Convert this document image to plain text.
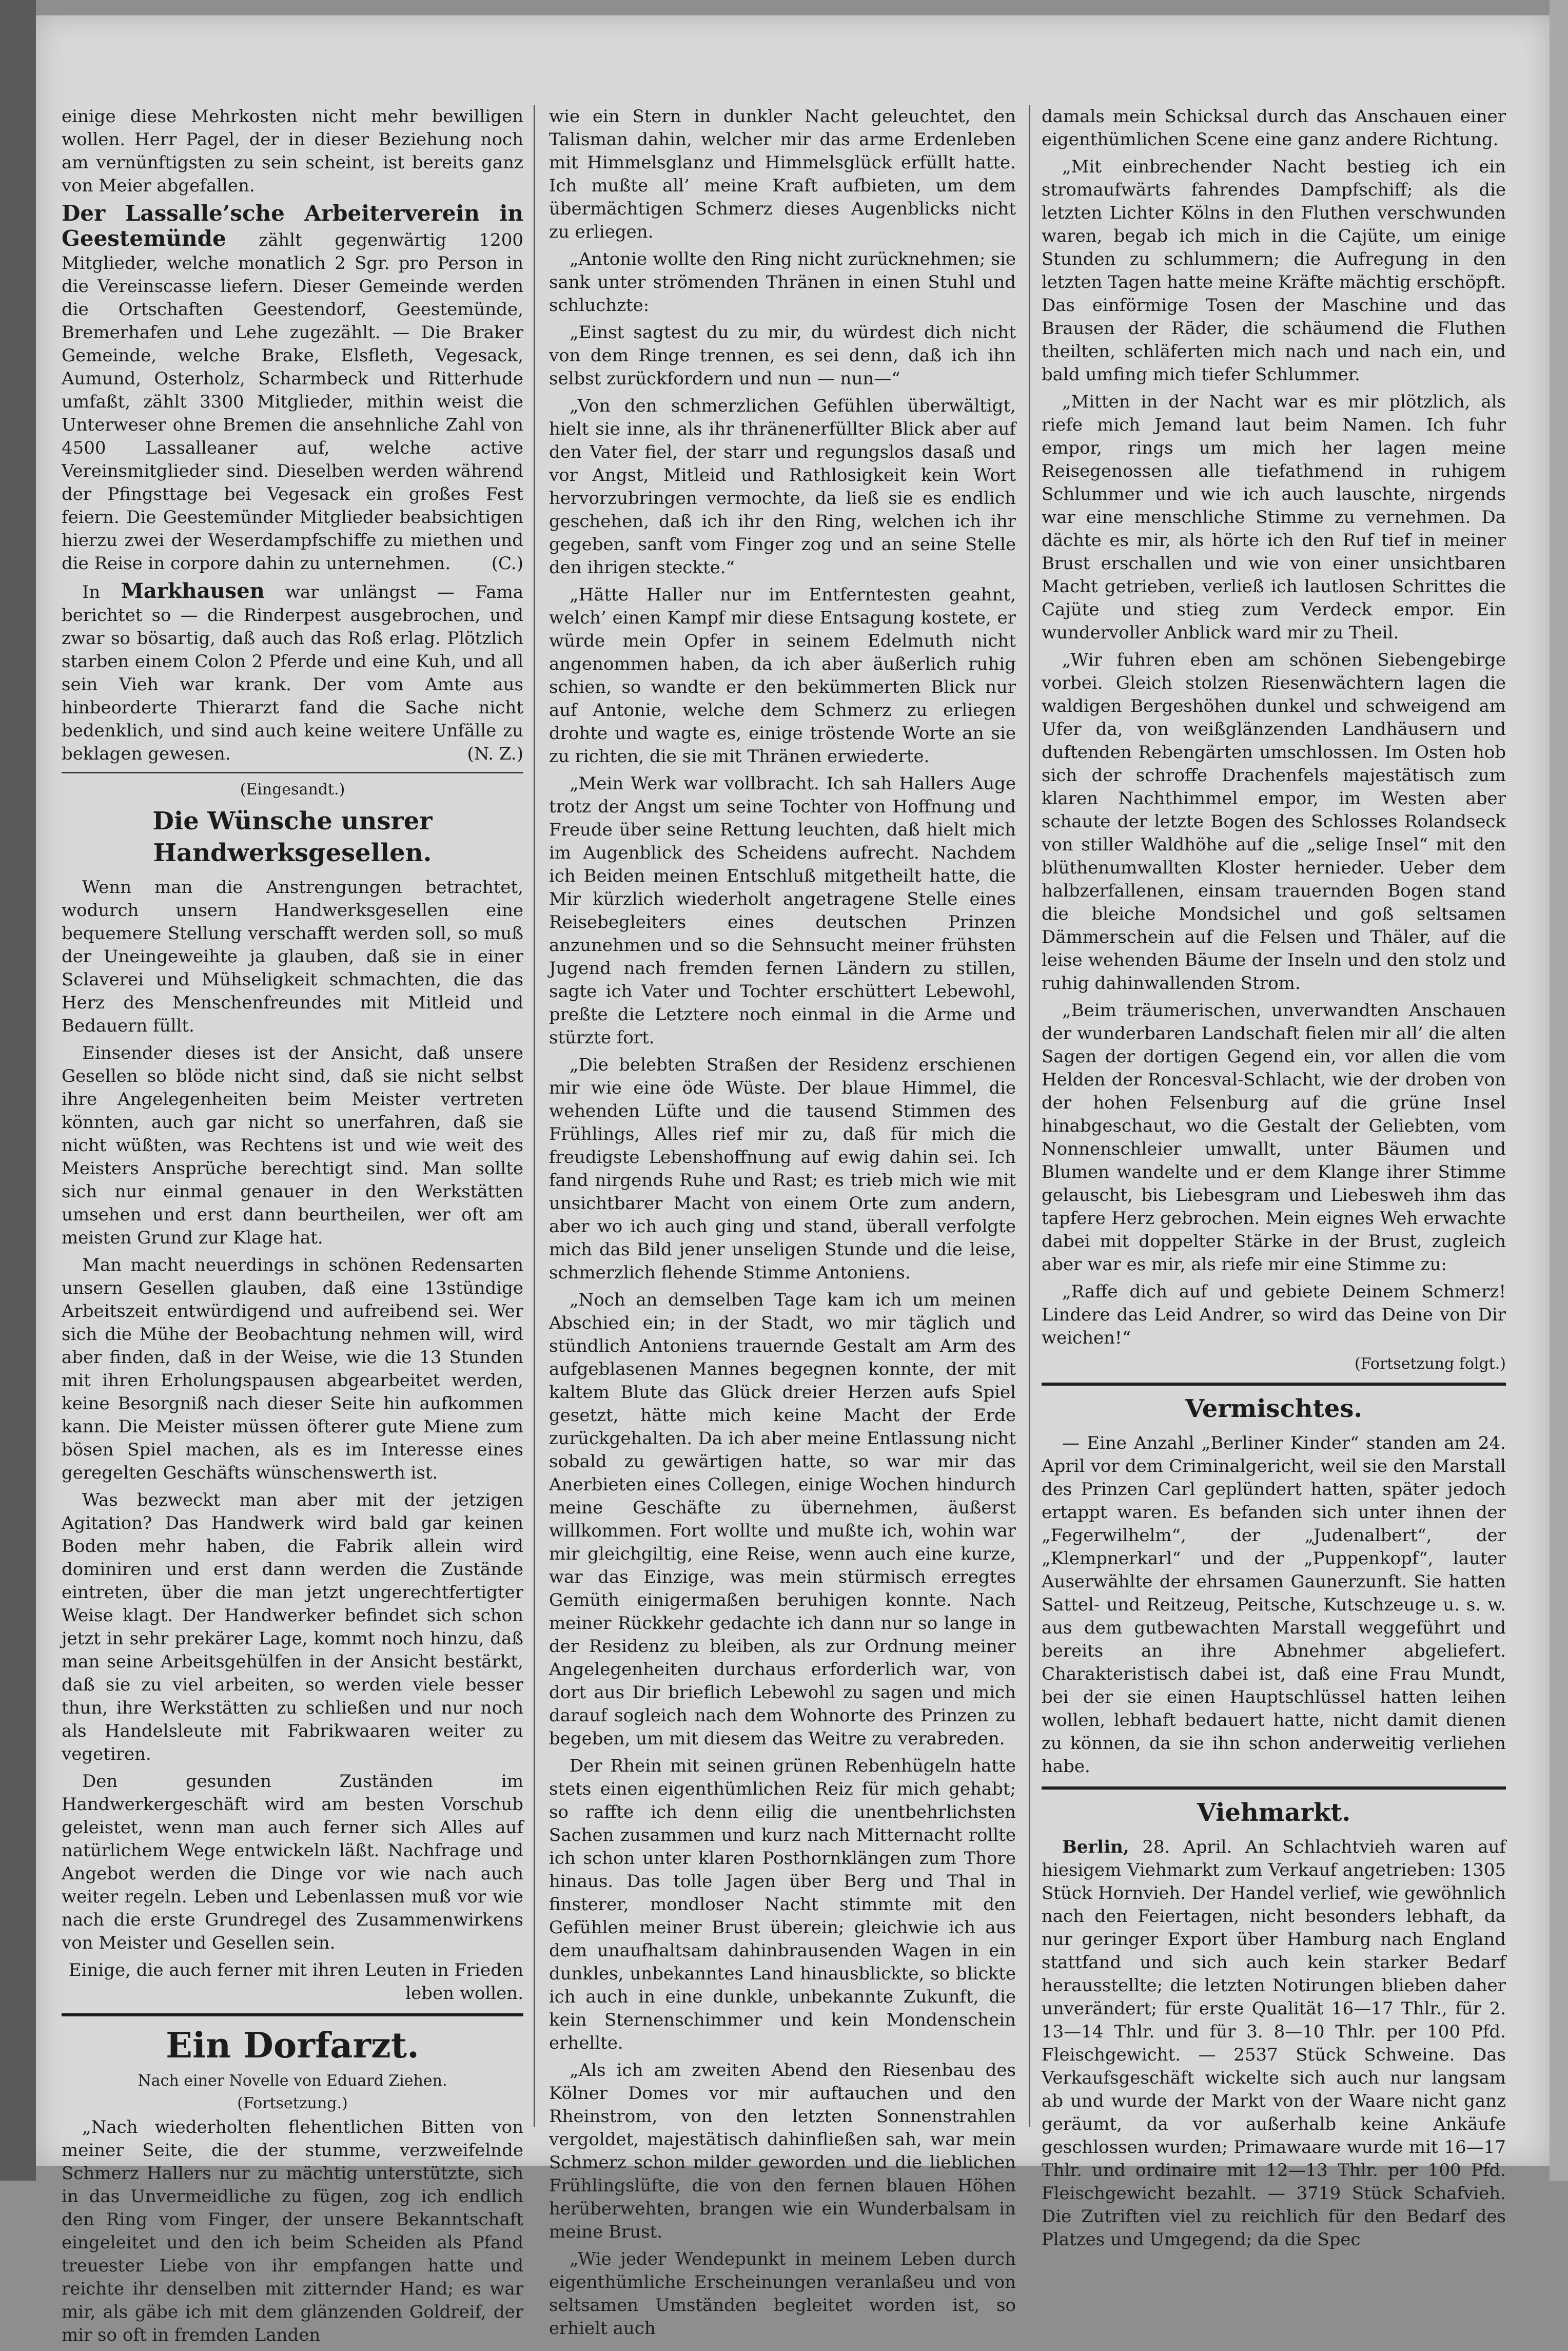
einige diese Mehrkosten nicht mehr bewilligen wollen. Herr Pagel, der in dieser Beziehung noch am vernünftigsten zu sein scheint, ist bereits ganz von Meier abgefallen.

Der Lassalle’sche Arbeiterverein in Geestemünde zählt gegenwärtig 1200 Mitglieder, welche monatlich 2 Sgr. pro Person in die Vereinscasse liefern. Dieser Gemeinde werden die Ortschaften Geestendorf, Geestemünde, Bremerhafen und Lehe zugezählt. — Die Braker Gemeinde, welche Brake, Elsfleth, Vegesack, Aumund, Osterholz, Scharmbeck und Ritterhude umfaßt, zählt 3300 Mitglieder, mithin weist die Unterweser ohne Bremen die ansehnliche Zahl von 4500 Lassalleaner auf, welche active Vereinsmitglieder sind. Dieselben werden während der Pfingsttage bei Vegesack ein großes Fest feiern. Die Geestemünder Mitglieder beabsichtigen hierzu zwei der Weserdampfschiffe zu miethen und die Reise in corpore dahin zu unternehmen. (C.)

In Markhausen war unlängst — Fama berichtet so — die Rinderpest ausgebrochen, und zwar so bösartig, daß auch das Roß erlag. Plötzlich starben einem Colon 2 Pferde und eine Kuh, und all sein Vieh war krank. Der vom Amte aus hinbeorderte Thierarzt fand die Sache nicht bedenklich, und sind auch keine weitere Unfälle zu beklagen gewesen.	(N. Z.)

(Eingesandt.)

Die Wünsche unsrer Handwerksgesellen.

Wenn man die Anstrengungen betrachtet, wodurch unsern Handwerksgesellen eine bequemere Stellung verschafft werden soll, so muß der Uneingeweihte ja glauben, daß sie in einer Sclaverei und Mühseligkeit schmachten, die das Herz des Menschenfreundes mit Mitleid und Bedauern füllt.

Einsender dieses ist der Ansicht, daß unsere Gesellen so blöde nicht sind, daß sie nicht selbst ihre Angelegenheiten beim Meister vertreten könnten, auch gar nicht so unerfahren, daß sie nicht wüßten, was Rechtens ist und wie weit des Meisters Ansprüche berechtigt sind. Man sollte sich nur einmal genauer in den Werkstätten umsehen und erst dann beurtheilen, wer oft am meisten Grund zur Klage hat.

Man macht neuerdings in schönen Redensarten unsern Gesellen glauben, daß eine 13stündige Arbeitszeit entwürdigend und aufreibend sei. Wer sich die Mühe der Beobachtung nehmen will, wird aber finden, daß in der Weise, wie die 13 Stunden mit ihren Erholungspausen abgearbeitet werden, keine Besorgniß nach dieser Seite hin aufkommen kann. Die Meister müssen öfterer gute Miene zum bösen Spiel machen, als es im Interesse eines geregelten Geschäfts wünschenswerth ist.

Was bezweckt man aber mit der jetzigen Agitation? Das Handwerk wird bald gar keinen Boden mehr haben, die Fabrik allein wird dominiren und erst dann werden die Zustände eintreten, über die man jetzt ungerechtfertigter Weise klagt. Der Handwerker befindet sich schon jetzt in sehr prekärer Lage, kommt noch hinzu, daß man seine Arbeitsgehülfen in der Ansicht bestärkt, daß sie zu viel arbeiten, so werden viele besser thun, ihre Werkstätten zu schließen und nur noch als Handelsleute mit Fabrikwaaren weiter zu vegetiren.

Den gesunden Zuständen im Handwerkergeschäft wird am besten Vorschub geleistet, wenn man auch ferner sich Alles auf natürlichem Wege entwickeln läßt. Nachfrage und Angebot werden die Dinge vor wie nach auch weiter regeln. Leben und Lebenlassen muß vor wie nach die erste Grundregel des Zusammenwirkens von Meister und Gesellen sein.

Einige, die auch ferner mit ihren Leuten in Frieden leben wollen.

Ein Dorfarzt.

Nach einer Novelle von Eduard Ziehen.

(Fortsetzung.)

„Nach wiederholten flehentlichen Bitten von meiner Seite, die der stumme, verzweifelnde Schmerz Hallers nur zu mächtig unterstützte, sich in das Unvermeidliche zu fügen, zog ich endlich den Ring vom Finger, der unsere Bekanntschaft eingeleitet und den ich beim Scheiden als Pfand treuester Liebe von ihr empfangen hatte und reichte ihr denselben mit zitternder Hand; es war mir, als gäbe ich mit dem glänzenden Goldreif, der mir so oft in fremden Landen

wie ein Stern in dunkler Nacht geleuchtet, den Talisman dahin, welcher mir das arme Erdenleben mit Himmelsglanz und Himmelsglück erfüllt hatte. Ich mußte all’ meine Kraft aufbieten, um dem übermächtigen Schmerz dieses Augenblicks nicht zu erliegen.

„Antonie wollte den Ring nicht zurücknehmen; sie sank unter strömenden Thränen in einen Stuhl und schluchzte:

„Einst sagtest du zu mir, du würdest dich nicht von dem Ringe trennen, es sei denn, daß ich ihn selbst zurückfordern und nun — nun—“

„Von den schmerzlichen Gefühlen überwältigt, hielt sie inne, als ihr thränenerfüllter Blick aber auf den Vater fiel, der starr und regungslos dasaß und vor Angst, Mitleid und Rathlosigkeit kein Wort hervorzubringen vermochte, da ließ sie es endlich geschehen, daß ich ihr den Ring, welchen ich ihr gegeben, sanft vom Finger zog und an seine Stelle den ihrigen steckte.“

„Hätte Haller nur im Entferntesten geahnt, welch’ einen Kampf mir diese Entsagung kostete, er würde mein Opfer in seinem Edelmuth nicht angenommen haben, da ich aber äußerlich ruhig schien, so wandte er den bekümmerten Blick nur auf Antonie, welche dem Schmerz zu erliegen drohte und wagte es, einige tröstende Worte an sie zu richten, die sie mit Thränen erwiederte.

„Mein Werk war vollbracht. Ich sah Hallers Auge trotz der Angst um seine Tochter von Hoffnung und Freude über seine Rettung leuchten, daß hielt mich im Augenblick des Scheidens aufrecht. Nachdem ich Beiden meinen Entschluß mitgetheilt hatte, die Mir kürzlich wiederholt angetragene Stelle eines Reisebegleiters eines deutschen Prinzen anzunehmen und so die Sehnsucht meiner frühsten Jugend nach fremden fernen Ländern zu stillen, sagte ich Vater und Tochter erschüttert Lebewohl, preßte die Letztere noch einmal in die Arme und stürzte fort.

„Die belebten Straßen der Residenz erschienen mir wie eine öde Wüste. Der blaue Himmel, die wehenden Lüfte und die tausend Stimmen des Frühlings, Alles rief mir zu, daß für mich die freudigste Lebenshoffnung auf ewig dahin sei. Ich fand nirgends Ruhe und Rast; es trieb mich wie mit unsichtbarer Macht von einem Orte zum andern, aber wo ich auch ging und stand, überall verfolgte mich das Bild jener unseligen Stunde und die leise, schmerzlich flehende Stimme Antoniens.

„Noch an demselben Tage kam ich um meinen Abschied ein; in der Stadt, wo mir täglich und stündlich Antoniens trauernde Gestalt am Arm des aufgeblasenen Mannes begegnen konnte, der mit kaltem Blute das Glück dreier Herzen aufs Spiel gesetzt, hätte mich keine Macht der Erde zurückgehalten. Da ich aber meine Entlassung nicht sobald zu gewärtigen hatte, so war mir das Anerbieten eines Collegen, einige Wochen hindurch meine Geschäfte zu übernehmen, äußerst willkommen. Fort wollte und mußte ich, wohin war mir gleichgiltig, eine Reise, wenn auch eine kurze, war das Einzige, was mein stürmisch erregtes Gemüth einigermaßen beruhigen konnte. Nach meiner Rückkehr gedachte ich dann nur so lange in der Residenz zu bleiben, als zur Ordnung meiner Angelegenheiten durchaus erforderlich war, von dort aus Dir brieflich Lebewohl zu sagen und mich darauf sogleich nach dem Wohnorte des Prinzen zu begeben, um mit diesem das Weitre zu verabreden.

Der Rhein mit seinen grünen Rebenhügeln hatte stets einen eigenthümlichen Reiz für mich gehabt; so raffte ich denn eilig die unentbehrlichsten Sachen zusammen und kurz nach Mitternacht rollte ich schon unter klaren Posthornklängen zum Thore hinaus. Das tolle Jagen über Berg und Thal in finsterer, mondloser Nacht stimmte mit den Gefühlen meiner Brust überein; gleichwie ich aus dem unaufhaltsam dahinbrausenden Wagen in ein dunkles, unbekanntes Land hinausblickte, so blickte ich auch in eine dunkle, unbekannte Zukunft, die kein Sternenschimmer und kein Mondenschein erhellte.

„Als ich am zweiten Abend den Riesenbau des Kölner Domes vor mir auftauchen und den Rheinstrom, von den letzten Sonnenstrahlen vergoldet, majestätisch dahinfließen sah, war mein Schmerz schon milder geworden und die lieblichen Frühlingslüfte, die von den fernen blauen Höhen herüberwehten, brangen wie ein Wunderbalsam in meine Brust.

„Wie jeder Wendepunkt in meinem Leben durch eigenthümliche Erscheinungen veranlaßeu und von seltsamen Umständen begleitet worden ist, so erhielt auch

damals mein Schicksal durch das Anschauen einer eigenthümlichen Scene eine ganz andere Richtung.

„Mit einbrechender Nacht bestieg ich ein stromaufwärts fahrendes Dampfschiff; als die letzten Lichter Kölns in den Fluthen verschwunden waren, begab ich mich in die Cajüte, um einige Stunden zu schlummern; die Aufregung in den letzten Tagen hatte meine Kräfte mächtig erschöpft. Das einförmige Tosen der Maschine und das Brausen der Räder, die schäumend die Fluthen theilten, schläferten mich nach und nach ein, und bald umfing mich tiefer Schlummer.

„Mitten in der Nacht war es mir plötzlich, als riefe mich Jemand laut beim Namen. Ich fuhr empor, rings um mich her lagen meine Reisegenossen alle tiefathmend in ruhigem Schlummer und wie ich auch lauschte, nirgends war eine menschliche Stimme zu vernehmen. Da dächte es mir, als hörte ich den Ruf tief in meiner Brust erschallen und wie von einer unsichtbaren Macht getrieben, verließ ich lautlosen Schrittes die Cajüte und stieg zum Verdeck empor. Ein wundervoller Anblick ward mir zu Theil.

„Wir fuhren eben am schönen Siebengebirge vorbei. Gleich stolzen Riesenwächtern lagen die waldigen Bergeshöhen dunkel und schweigend am Ufer da, von weißglänzenden Landhäusern und duftenden Rebengärten umschlossen. Im Osten hob sich der schroffe Drachenfels majestätisch zum klaren Nachthimmel empor, im Westen aber schaute der letzte Bogen des Schlosses Rolandseck von stiller Waldhöhe auf die „selige Insel“ mit den blüthenumwallten Kloster hernieder. Ueber dem halbzerfallenen, einsam trauernden Bogen stand die bleiche Mondsichel und goß seltsamen Dämmerschein auf die Felsen und Thäler, auf die leise wehenden Bäume der Inseln und den stolz und ruhig dahinwallenden Strom.

„Beim träumerischen, unverwandten Anschauen der wunderbaren Landschaft fielen mir all’ die alten Sagen der dortigen Gegend ein, vor allen die vom Helden der Roncesval-Schlacht, wie der droben von der hohen Felsenburg auf die grüne Insel hinabgeschaut, wo die Gestalt der Geliebten, vom Nonnenschleier umwallt, unter Bäumen und Blumen wandelte und er dem Klange ihrer Stimme gelauscht, bis Liebesgram und Liebesweh ihm das tapfere Herz gebrochen. Mein eignes Weh erwachte dabei mit doppelter Stärke in der Brust, zugleich aber war es mir, als riefe mir eine Stimme zu:

„Raffe dich auf und gebiete Deinem Schmerz! Lindere das Leid Andrer, so wird das Deine von Dir weichen!“

(Fortsetzung folgt.)

Vermischtes.

— Eine Anzahl „Berliner Kinder“ standen am 24. April vor dem Criminalgericht, weil sie den Marstall des Prinzen Carl geplündert hatten, später jedoch ertappt waren. Es befanden sich unter ihnen der „Fegerwilhelm“, der „Judenalbert“, der „Klempnerkarl“ und der „Puppenkopf“, lauter Auserwählte der ehrsamen Gaunerzunft. Sie hatten Sattel- und Reitzeug, Peitsche, Kutschzeuge u. s. w. aus dem gutbewachten Marstall weggeführt und bereits an ihre Abnehmer abgeliefert. Charakteristisch dabei ist, daß eine Frau Mundt, bei der sie einen Hauptschlüssel hatten leihen wollen, lebhaft bedauert hatte, nicht damit dienen zu können, da sie ihn schon anderweitig verliehen habe.

Viehmarkt.

Berlin, 28. April. An Schlachtvieh waren auf hiesigem Viehmarkt zum Verkauf angetrieben: 1305 Stück Hornvieh. Der Handel verlief, wie gewöhnlich nach den Feiertagen, nicht besonders lebhaft, da nur geringer Export über Hamburg nach England stattfand und sich auch kein starker Bedarf herausstellte; die letzten Notirungen blieben daher unverändert; für erste Qualität 16—17 Thlr., für 2. 13—14 Thlr. und für 3. 8—10 Thlr. per 100 Pfd. Fleischgewicht. — 2537 Stück Schweine. Das Verkaufsgeschäft wickelte sich auch nur langsam ab und wurde der Markt von der Waare nicht ganz geräumt, da vor außerhalb keine Ankäufe geschlossen wurden; Primawaare wurde mit 16—17 Thlr. und ordinaire mit 12—13 Thlr. per 100 Pfd. Fleischgewicht bezahlt. — 3719 Stück Schafvieh. Die Zutriften viel zu reichlich für den Bedarf des Platzes und Umgegend; da die Spec
